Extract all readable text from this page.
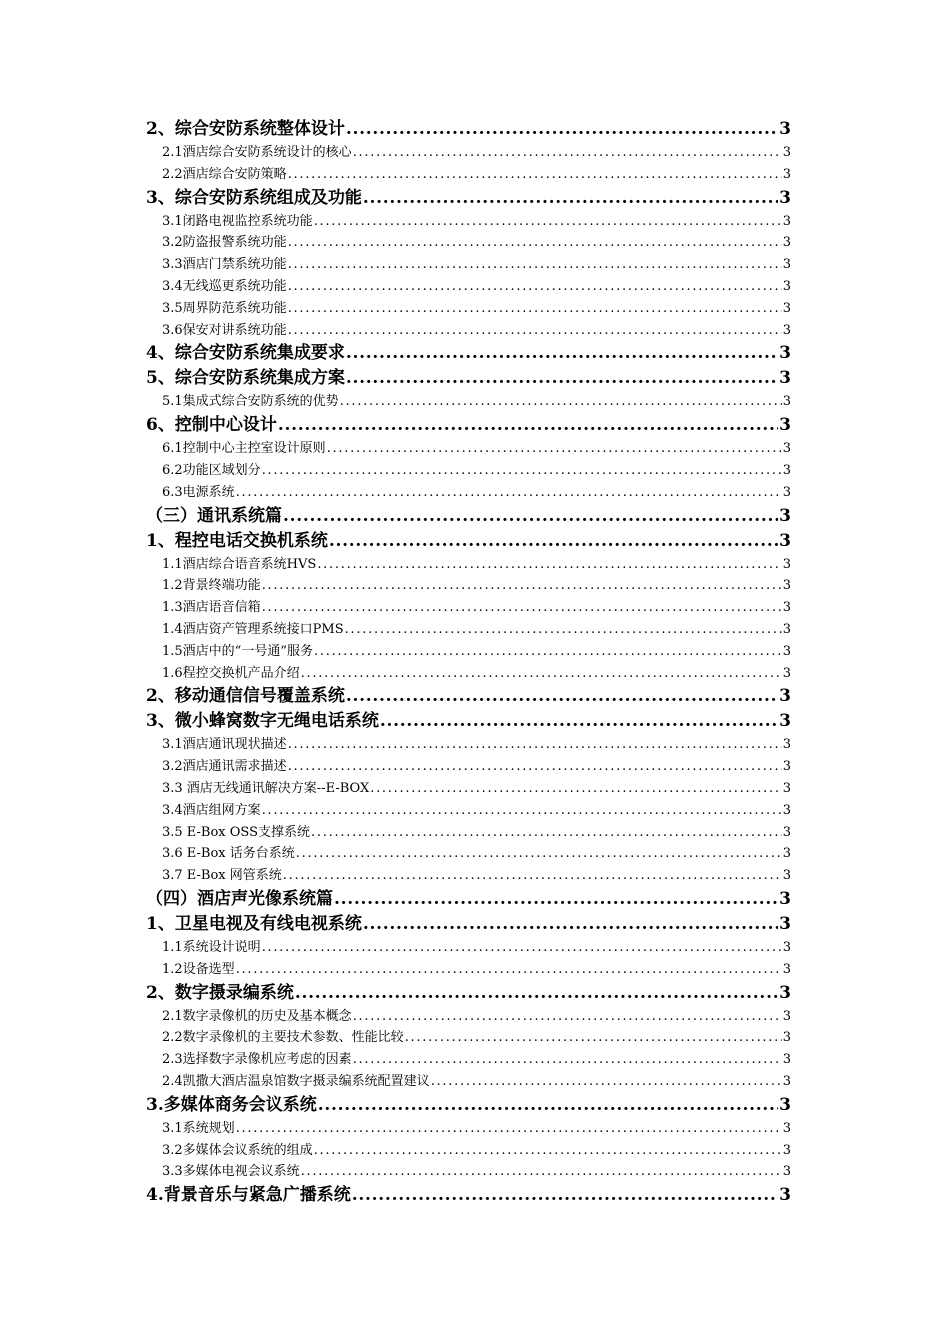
2、综合安防系统整体设计 . . .	3
2.1酒店综合安防系统设计的核心 . . .	3
2.2酒店综合安防策略 . . .	3
3、综合安防系统组成及功能 . . .	3
3.1闭路电视监控系统功能 . . .	3
3.2防盗报警系统功能 . . .	3
3.3酒店门禁系统功能 . . .	3
3.4无线巡更系统功能 . . .	3
3.5周界防范系统功能 . . .	3
3.6保安对讲系统功能 . . .	3
4、综合安防系统集成要求 . . .	3
5、综合安防系统集成方案 . . .	3
5.1集成式综合安防系统的优势 . . .	3
6、控制中心设计 . . .	3
6.1控制中心主控室设计原则 . . .	3
6.2功能区域划分 . . .	3
6.3电源系统 . . .	3
（三）通讯系统篇 . . .	3
1、程控电话交换机系统 . . .	3
1.1酒店综合语音系统HVS . . .	3
1.2背景终端功能 . . .	3
1.3酒店语音信箱 . . .	3
1.4酒店资产管理系统接口PMS . . .	3
1.5酒店中的“一号通”服务 . . .	3
1.6程控交换机产品介绍 . . .	3
2、移动通信信号覆盖系统 . . .	3
3、微小蜂窝数字无绳电话系统 . . .	3
3.1酒店通讯现状描述 . . .	3
3.2酒店通讯需求描述 . . .	3
3.3 酒店无线通讯解决方案--E-BOX . . .	3
3.4酒店组网方案 . . .	3
3.5 E-Box OSS支撑系统 . . .	3
3.6 E-Box 话务台系统 . . .	3
3.7 E-Box 网管系统 . . .	3
（四）酒店声光像系统篇 . . .	3
1、卫星电视及有线电视系统 . . .	3
1.1系统设计说明 . . .	3
1.2设备选型 . . .	3
2、数字摄录编系统 . . .	3
2.1数字录像机的历史及基本概念 . . .	3
2.2数字录像机的主要技术参数、性能比较 . . .	3
2.3选择数字录像机应考虑的因素 . . .	3
2.4凯撒大酒店温泉馆数字摄录编系统配置建议 . . .	3
3.多媒体商务会议系统 . . .	3
3.1系统规划 . . .	3
3.2多媒体会议系统的组成 . . .	3
3.3多媒体电视会议系统 . . .	3
4.背景音乐与紧急广播系统 . . .	3
